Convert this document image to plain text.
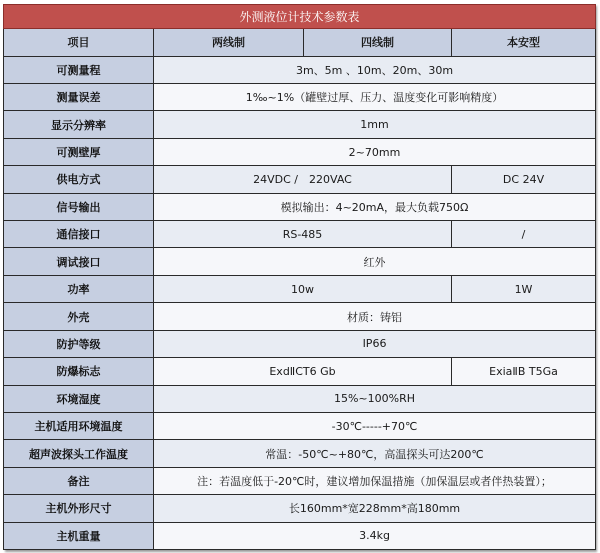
外测液位计技术参数表			
项目	两线制	四线制	本安型
可测量程	3m、5m 、10m、20m、30m		
测量误差	1‰~1%（罐壁过厚、压力、温度变化可影响精度）		
显示分辨率	1mm		
可测壁厚	2~70mm		
供电方式	24VDC /　220VAC		DC 24V
信号输出	模拟输出：4~20mA，最大负载750Ω		
通信接口	RS-485		/
调试接口	红外		
功率	10w		1W
外壳	材质：铸铝		
防护等级	IP66		
防爆标志	ExdⅡCT6 Gb		ExiaⅡB T5Ga
环境湿度	15%~100%RH		
主机适用环境温度	-30℃-----+70℃		
超声波探头工作温度	常温：-50℃~+80℃，高温探头可达200℃		
备注	注：若温度低于-20℃时，建议增加保温措施（加保温层或者伴热装置）；		
主机外形尺寸	长160mm*宽228mm*高180mm		
主机重量	3.4kg		
